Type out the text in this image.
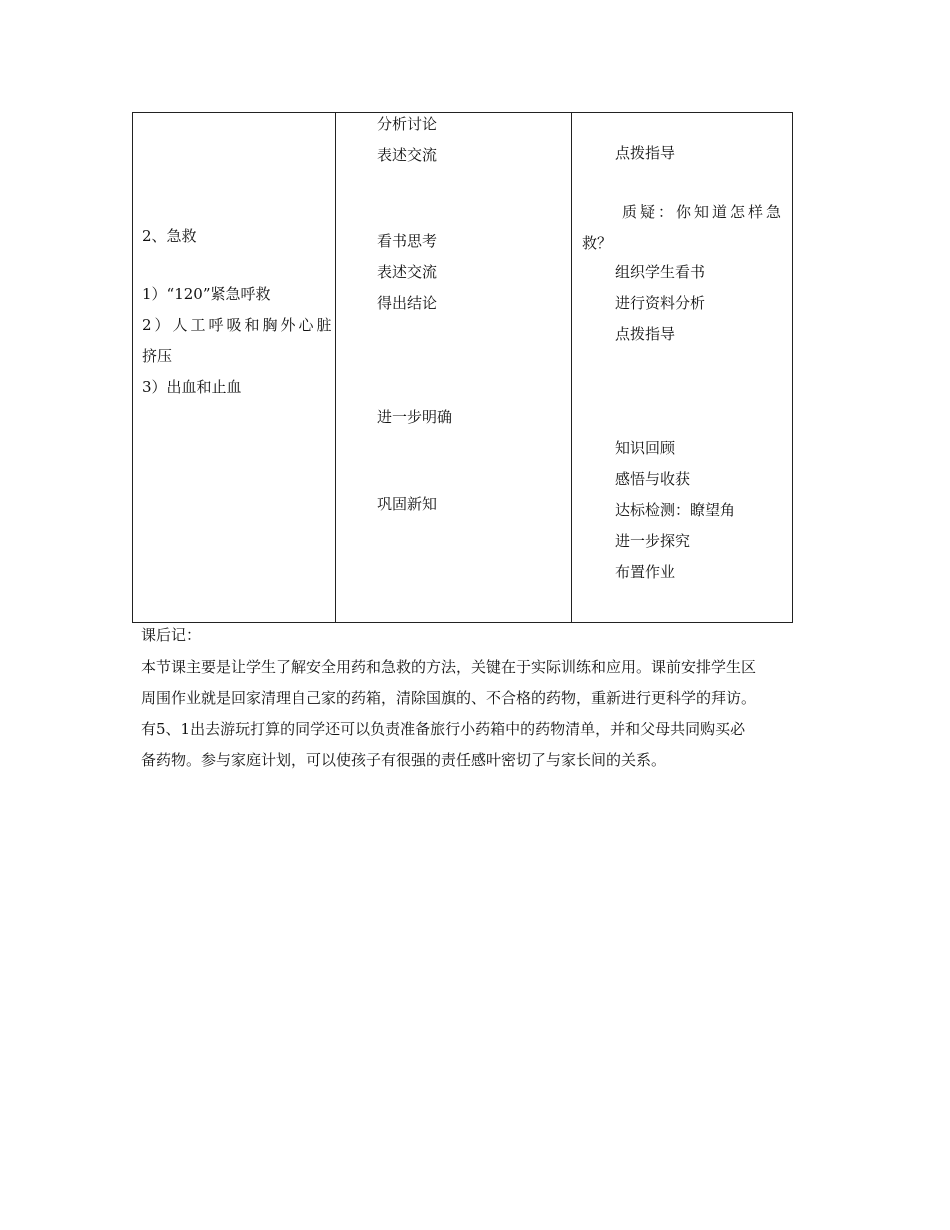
2、急救
1）“120”紧急呼救
2）人工呼吸和胸外心脏
挤压
3）出血和止血
分析讨论
表述交流
看书思考
表述交流
得出结论
进一步明确
巩固新知
点拨指导
质疑：你知道怎样急
救？
组织学生看书
进行资料分析
点拨指导
知识回顾
感悟与收获
达标检测：瞭望角
进一步探究
布置作业
课后记：
本节课主要是让学生了解安全用药和急救的方法，关键在于实际训练和应用。课前安排学生区
周围作业就是回家清理自己家的药箱，清除国旗的、不合格的药物，重新进行更科学的拜访。
有5、1出去游玩打算的同学还可以负责准备旅行小药箱中的药物清单，并和父母共同购买必
备药物。参与家庭计划，可以使孩子有很强的责任感叶密切了与家长间的关系。
